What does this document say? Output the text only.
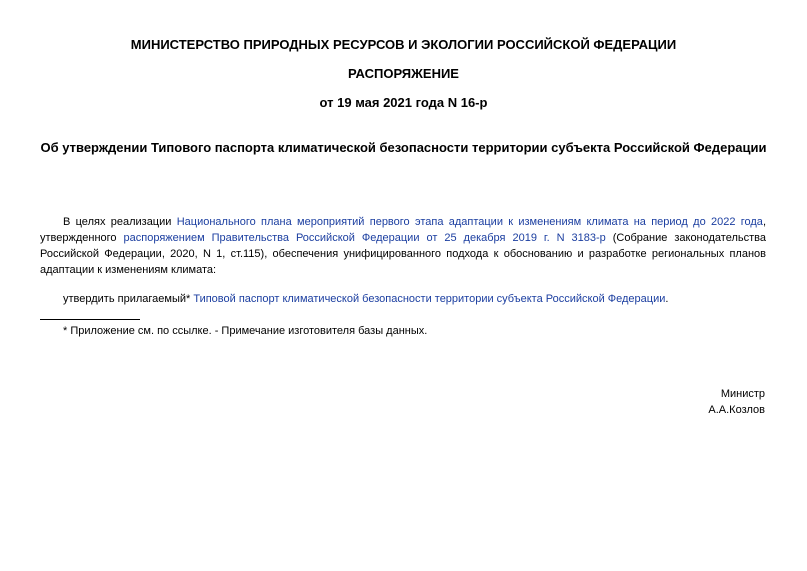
МИНИСТЕРСТВО ПРИРОДНЫХ РЕСУРСОВ И ЭКОЛОГИИ РОССИЙСКОЙ ФЕДЕРАЦИИ
РАСПОРЯЖЕНИЕ
от 19 мая 2021 года N 16-р
Об утверждении Типового паспорта климатической безопасности территории субъекта Российской Федерации
В целях реализации Национального плана мероприятий первого этапа адаптации к изменениям климата на период до 2022 года, утвержденного распоряжением Правительства Российской Федерации от 25 декабря 2019 г. N 3183-р (Собрание законодательства Российской Федерации, 2020, N 1, ст.115), обеспечения унифицированного подхода к обоснованию и разработке региональных планов адаптации к изменениям климата:
утвердить прилагаемый* Типовой паспорт климатической безопасности территории субъекта Российской Федерации.
* Приложение см. по ссылке. - Примечание изготовителя базы данных.
Министр
А.А.Козлов
